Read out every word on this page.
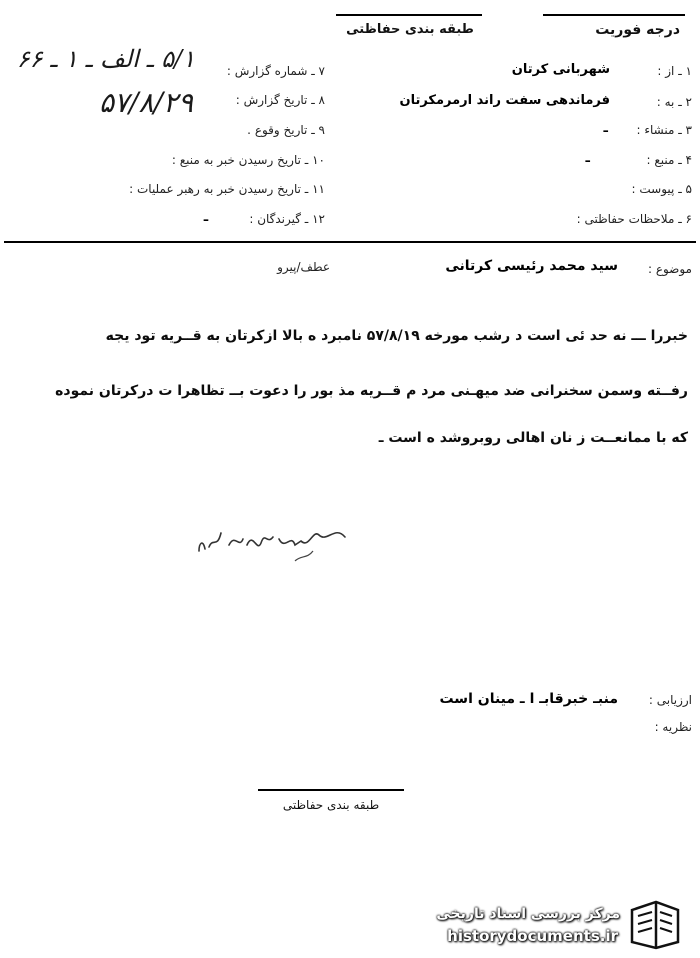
طبقه بندی حفاظتی	درجه فوریت
۱ ـ از :
شهربانی کرتان
۲ ـ به :
فرماندهی سفت راند ارمرمکرتان
۳ ـ منشاء :
ـ
۴ ـ منبع :
ـ
۵ ـ پیوست :
۶ ـ ملاحظات حفاظتی :
۷ ـ شماره گزارش :
۵/۱ ـ الف ـ ۱ ـ ۶۶
۸ ـ تاریخ گزارش :
۵۷/۸/۲۹
۹ ـ تاریخ وقوع .
۱۰ ـ تاریخ رسیدن خبر به منبع :
۱۱ ـ تاریخ رسیدن خبر به رهبر عملیات :
۱۲ ـ گیرندگان :
ـ
موضوع :
سید محمد رئیسی کرتانی
عطف/پیرو
خبررا ـــ نه حد ئی است د رشب مورخه ۵۷/۸/۱۹ نامبرد ه بالا ازکرتان به قــریه تود یجه
رفــته وسمن سخنرانی ضد میهـنی مرد م قــریه مذ بور را دعوت بــ تظاهرا ت درکرتان نموده
که با ممانعــت ز نان اهالی روبروشد ه است ـ
ارزیابی :
منبـ خبرقابـ ا ـ مینان است
نظریه :
طبقه بندی حفاظتی
مرکز بررسی اسناد تاریخی
historydocuments.ir
